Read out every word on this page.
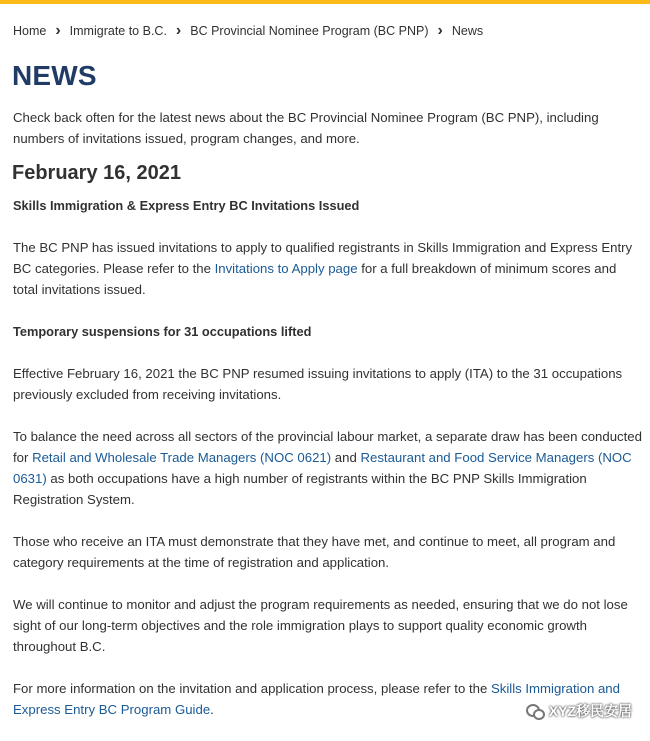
Home › Immigrate to B.C. › BC Provincial Nominee Program (BC PNP) › News
NEWS

Check back often for the latest news about the BC Provincial Nominee Program (BC PNP), including numbers of invitations issued, program changes, and more.

February 16, 2021
Skills Immigration & Express Entry BC Invitations Issued

The BC PNP has issued invitations to apply to qualified registrants in Skills Immigration and Express Entry BC categories. Please refer to the Invitations to Apply page for a full breakdown of minimum scores and total invitations issued.

Temporary suspensions for 31 occupations lifted

Effective February 16, 2021 the BC PNP resumed issuing invitations to apply (ITA) to the 31 occupations previously excluded from receiving invitations.

To balance the need across all sectors of the provincial labour market, a separate draw has been conducted for Retail and Wholesale Trade Managers (NOC 0621) and Restaurant and Food Service Managers (NOC 0631) as both occupations have a high number of registrants within the BC PNP Skills Immigration Registration System.

Those who receive an ITA must demonstrate that they have met, and continue to meet, all program and category requirements at the time of registration and application.

We will continue to monitor and adjust the program requirements as needed, ensuring that we do not lose sight of our long-term objectives and the role immigration plays to support quality economic growth throughout B.C.

For more information on the invitation and application process, please refer to the Skills Immigration and Express Entry BC Program Guide.	XYZ移民安居
